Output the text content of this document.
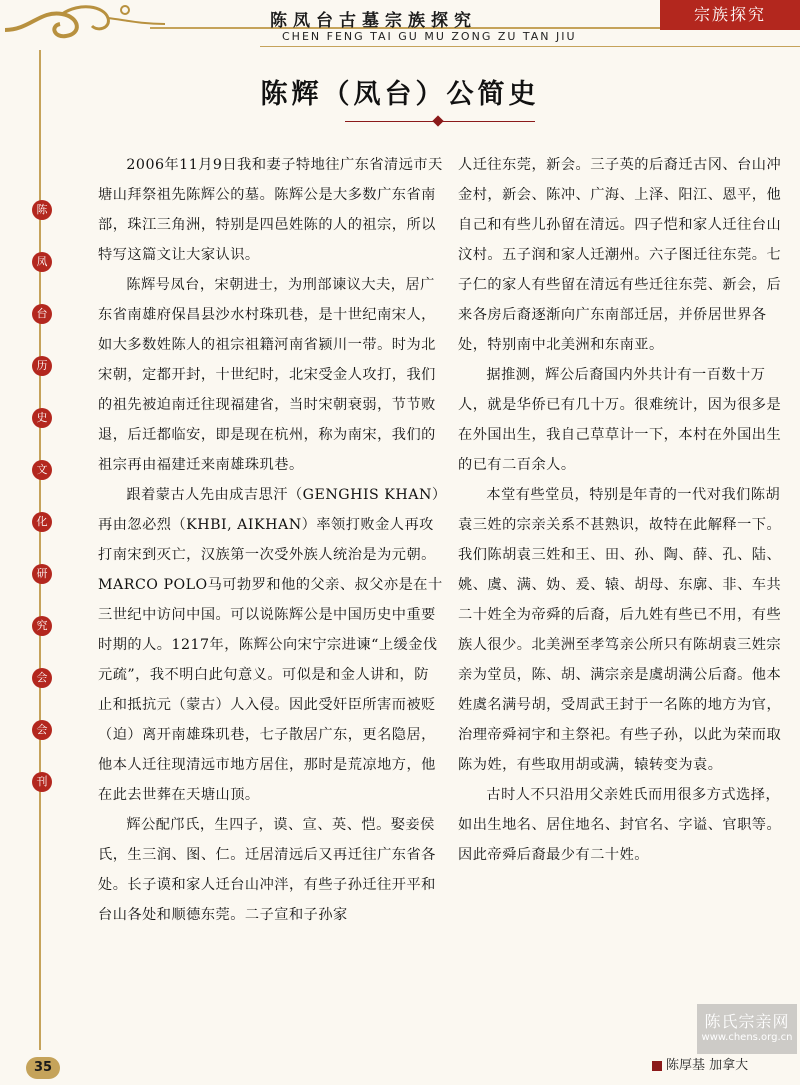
陈凤台古墓宗族探究
CHEN FENG TAI GU MU ZONG ZU TAN JIU
宗族探究
陈
凤
台
历
史
文
化
研
究
会
会
刊
陈辉（凤台）公简史

2006年11月9日我和妻子特地往广东省清远市天塘山拜祭祖先陈辉公的墓。陈辉公是大多数广东省南部，珠江三角洲，特别是四邑姓陈的人的祖宗，所以特写这篇文让大家认识。

陈辉号凤台，宋朝进士，为刑部谏议大夫，居广东省南雄府保昌县沙水村珠玑巷，是十世纪南宋人，如大多数姓陈人的祖宗祖籍河南省颍川一带。时为北宋朝，定都开封，十世纪时，北宋受金人攻打，我们的祖先被迫南迁往现福建省，当时宋朝衰弱，节节败退，后迁都临安，即是现在杭州，称为南宋，我们的祖宗再由福建迁来南雄珠玑巷。

跟着蒙古人先由成吉思汗（GENGHIS KHAN）再由忽必烈（KHBI, AIKHAN）率领打败金人再攻打南宋到灭亡，汉族第一次受外族人统治是为元朝。MARCO POLO马可勃罗和他的父亲、叔父亦是在十三世纪中访问中国。可以说陈辉公是中国历史中重要时期的人。1217年，陈辉公向宋宁宗进谏“上缓金伐元疏”，我不明白此句意义。可似是和金人讲和，防止和抵抗元（蒙古）人入侵。因此受奸臣所害而被贬（迫）离开南雄珠玑巷，七子散居广东，更名隐居，他本人迁往现清远市地方居住，那时是荒凉地方，他在此去世葬在天塘山顶。

辉公配邝氏，生四子，谟、宣、英、恺。娶妾侯氏，生三润、图、仁。迁居清远后又再迁往广东省各处。长子谟和家人迁台山冲泮，有些子孙迁往开平和台山各处和顺德东莞。二子宣和子孙家

人迁往东莞，新会。三子英的后裔迁古冈、台山冲金村，新会、陈冲、广海、上泽、阳江、恩平，他自己和有些儿孙留在清远。四子恺和家人迁往台山汶村。五子润和家人迁潮州。六子图迁往东莞。七子仁的家人有些留在清远有些迁往东莞、新会，后来各房后裔逐渐向广东南部迁居，并侨居世界各处，特别南中北美洲和东南亚。

据推测，辉公后裔国内外共计有一百数十万人，就是华侨已有几十万。很难统计，因为很多是在外国出生，我自己草草计一下，本村在外国出生的已有二百余人。

本堂有些堂员，特别是年青的一代对我们陈胡袁三姓的宗亲关系不甚熟识，故特在此解释一下。我们陈胡袁三姓和王、田、孙、陶、薛、孔、陆、姚、虞、满、妫、爰、辕、胡母、东廓、非、车共二十姓全为帝舜的后裔，后九姓有些已不用，有些族人很少。北美洲至孝笃亲公所只有陈胡袁三姓宗亲为堂员，陈、胡、满宗亲是虞胡满公后裔。他本姓虞名满号胡，受周武王封于一名陈的地方为官，治理帝舜祠宇和主祭祀。有些子孙，以此为荣而取陈为姓，有些取用胡或满，辕转变为袁。

古时人不只沿用父亲姓氏而用很多方式选择，如出生地名、居住地名、封官名、字谥、官职等。因此帝舜后裔最少有二十姓。

陈氏宗亲网
www.chens.org.cn
陈厚基 加拿大
35
